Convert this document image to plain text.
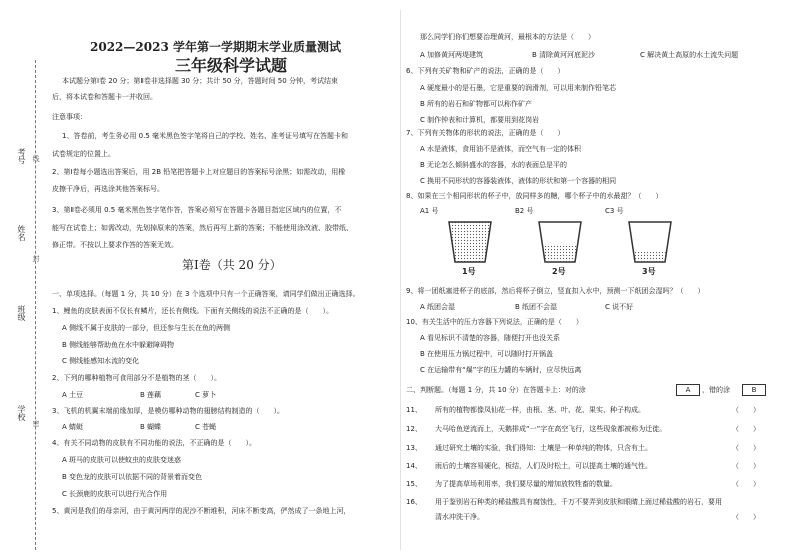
考号
姓名
班级
学校
线
封
密
2022—2023 学年第一学期期末学业质量测试
三年级科学试题
本试题分第Ⅰ卷 20 分；第Ⅱ卷非选择题 30 分；共计 50 分，答题时间 50 分钟，考试结束
后，将本试卷和答题卡一并收回。
注意事项：
1、答卷前，考生务必用 0.5 毫米黑色签字笔将自己的学校、姓名、准考证号填写在答题卡和
试卷规定的位置上。
2、第Ⅰ卷每小题选出答案后，用 2B 铅笔把答题卡上对应题目的答案标号涂黑；如需改动，用橡
皮擦干净后，再选涂其他答案标号。
3、第Ⅱ卷必须用 0.5 毫米黑色签字笔作答，答案必须写在答题卡各题目指定区域内的位置，不
能写在试卷上；如需改动，先划掉原来的答案，然后再写上新的答案；不能使用涂改液、胶带纸、
修正带。不按以上要求作答的答案无效。
第Ⅰ卷（共 20 分）
一、单项选择。（每题 1 分，共 10 分）在 3 个选项中只有一个正确答案，请同学们做出正确选择。
1、鲤鱼的皮肤表面不仅长有鳞片，还长有侧线。下面有关侧线的说法不正确的是（　　）。
A 侧线不属于皮肤的一部分，但还参与生长在鱼的两侧
B 侧线能够帮助鱼在水中躲避障碍物
C 侧线能感知水流的变化
2、下列的哪种植物可食用部分不是植物的茎（　　）。
A 土豆	B 莲藕	C 萝卜
3、飞机的机翼末端前缘加厚，是模仿哪种动物的翅膀结构制造的（　　）。
A 蜻蜓	B 蝴蝶	C 苍蝇
4、有关不同动物的皮肤有不同功能的说法，不正确的是（　　）。
A 斑马的皮肤可以使蚊虫的皮肤变迷惑
B 变色龙的皮肤可以依据不同的背景着而变色
C 长颈鹿的皮肤可以进行光合作用
5、黄河是我们的母亲河，由于黄河两岸的泥沙不断堆积，河床不断变高，俨然成了一条地上河，
那么同学们你们想要治理黄河，最根本的方法是（　　）
A 加修黄河两堤建筑	B 清除黄河河底泥沙	C 解决黄土高原的水土流失问题
6、下列有关矿物和矿产的说法，正确的是（　　）
A 硬度最小的是石墨，它是重要的润滑剂，可以用来制作铅笔芯
B 所有的岩石和矿物都可以称作矿产
C 制作钟表和计算机，都要用到花岗岩
7、下列有关物体的形状的说法，正确的是（　　）
A 水是液体，食用油不是液体，而空气有一定的体积
B 无论怎么倾斜盛水的容器，水的表面总是平的
C 换用不同形状的容器装液体，液体的形状和第一个容器的相同
8、如果在三个相同形状的杯子中，放同样多的糖，哪个杯子中的水最甜？（　　）
A1 号	B2 号	C3 号
1号	2号	3号
9、将一团纸塞进杯子的底部，然后将杯子倒立，竖直扣入水中，预测一下纸团会湿吗？（　　）
A 纸团会湿	B 纸团不会湿	C 说不好
10、有关生活中的压力容器下列说法，正确的是（　　）
A 看见标识不清楚的容器，随便打开也没关系
B 在使用压力锅过程中，可以随时打开锅盖
C 在运输带有“爆”字的压力罐的车辆时，应尽快远离
二、判断题。（每题 1 分，共 10 分）在答题卡上：对的涂	A	，错的涂	B
11、 所有的植物都像凤仙花一样，由根、茎、叶、花、果实、种子构成。	（　　）
12、 大马哈鱼逆流而上，天鹅排成“一”字在高空飞行，这些现象都被称为迁徙。	（　　）
13、 通过研究土壤的实验，我们得知：土壤是一种单纯的物体，只含有土。	（　　）
14、 雨后的土壤容易硬化，板结，人们及时松土，可以提高土壤的通气性。	（　　）
15、 为了提高草场利用率，我们要尽量的增加放牧牲畜的数量。	（　　）
16、 用于鉴别岩石种类的稀盐酸具有腐蚀性，千万不要弄到皮肤和眼睛上面过稀盐酸的岩石，要用
清水冲洗干净。	（　　）
